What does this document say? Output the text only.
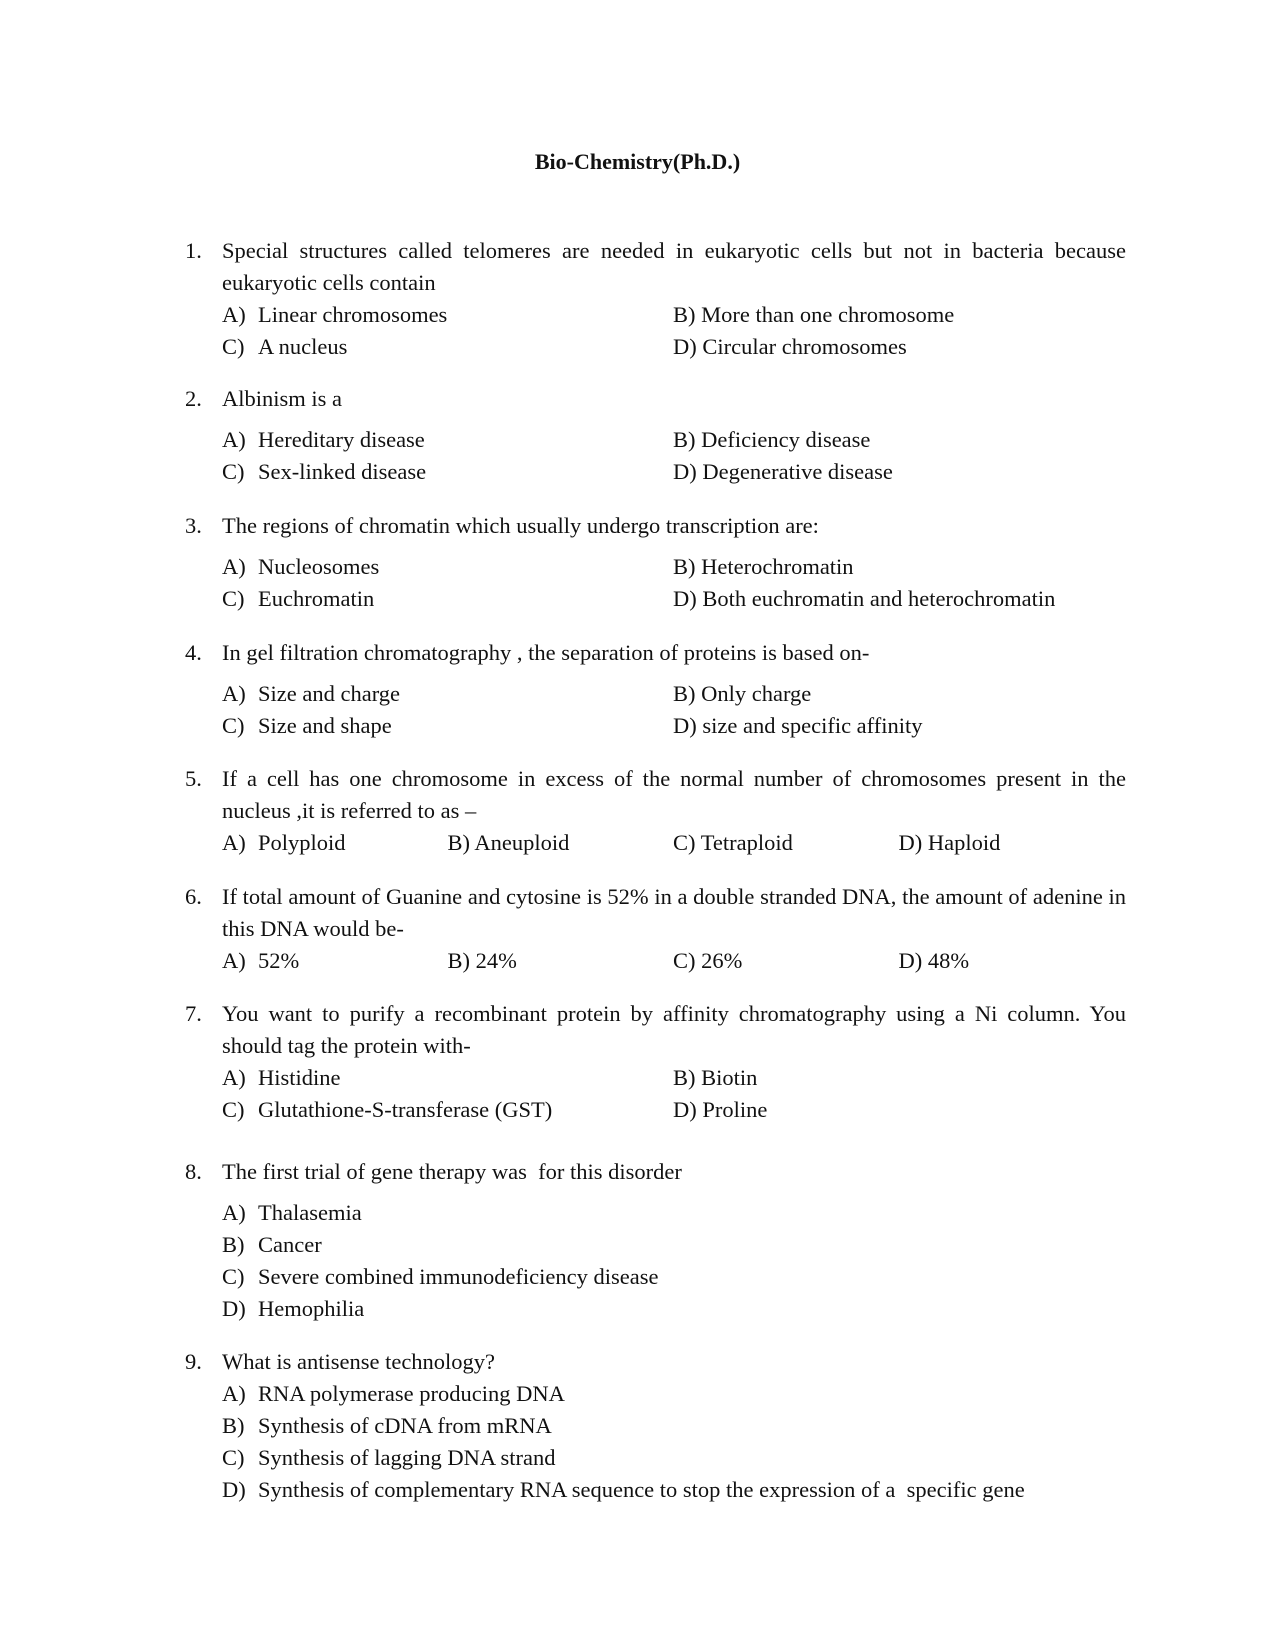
Bio-Chemistry(Ph.D.)
1. Special structures called telomeres are needed in eukaryotic cells but not in bacteria because eukaryotic cells contain
A) Linear chromosomes	B) More than one chromosome
C) A nucleus	D) Circular chromosomes
2. Albinism is a
A) Hereditary disease	B) Deficiency disease
C) Sex-linked disease	D) Degenerative disease
3. The regions of chromatin which usually undergo transcription are:
A) Nucleosomes	B) Heterochromatin
C) Euchromatin	D) Both euchromatin and heterochromatin
4. In gel filtration chromatography , the separation of proteins is based on-
A) Size and charge	B) Only charge
C) Size and shape	D) size and specific affinity
5. If a cell has one chromosome in excess of the normal number of chromosomes present in the nucleus ,it is referred to as –
A) Polyploid	B) Aneuploid	C) Tetraploid	D) Haploid
6. If total amount of Guanine and cytosine is 52% in a double stranded DNA, the amount of adenine in this DNA would be-
A) 52%	B) 24%	C) 26%	D) 48%
7. You want to purify a recombinant protein by affinity chromatography using a Ni column. You should tag the protein with-
A) Histidine	B) Biotin
C) Glutathione-S-transferase (GST)	D) Proline
8. The first trial of gene therapy was  for this disorder
A) Thalasemia
B) Cancer
C) Severe combined immunodeficiency disease
D) Hemophilia
9. What is antisense technology?
A) RNA polymerase producing DNA
B) Synthesis of cDNA from mRNA
C) Synthesis of lagging DNA strand
D) Synthesis of complementary RNA sequence to stop the expression of a  specific gene
